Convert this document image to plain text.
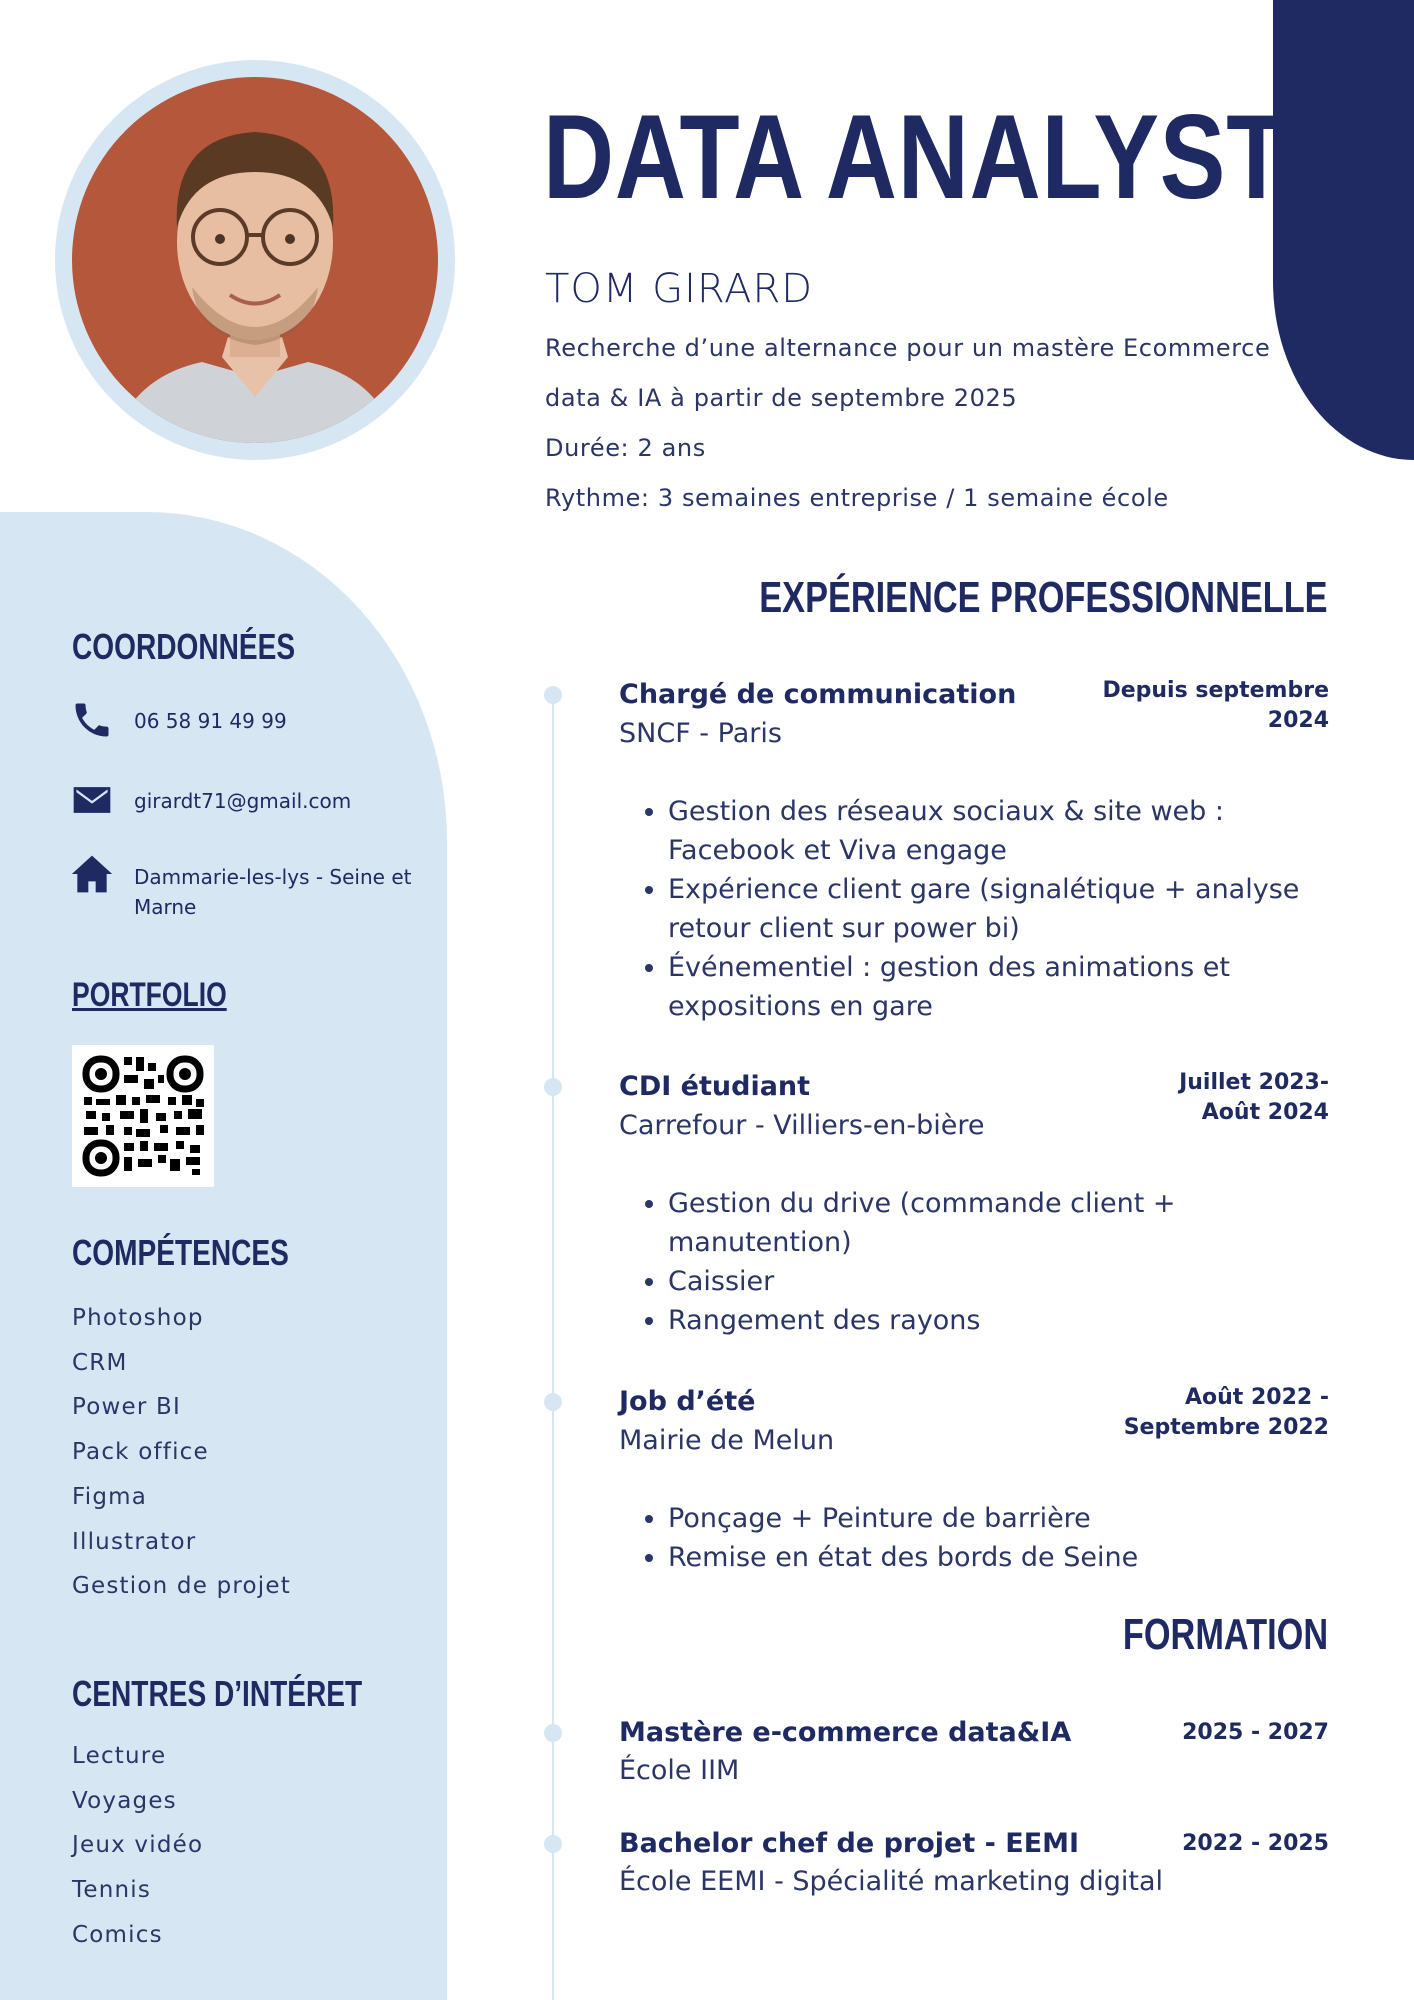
DATA ANALYST
TOM GIRARD
Recherche d’une alternance pour un mastère Ecommerce
data & IA à partir de septembre 2025
Durée: 2 ans
Rythme: 3 semaines entreprise / 1 semaine école
COORDONNÉES
06 58 91 49 99
girardt71@gmail.com
Dammarie-les-lys - Seine et
Marne
PORTFOLIO
COMPÉTENCES
Photoshop
CRM
Power BI
Pack office
Figma
Illustrator
Gestion de projet
CENTRES D’INTÉRET
Lecture
Voyages
Jeux vidéo
Tennis
Comics
EXPÉRIENCE PROFESSIONNELLE
Chargé de communication
SNCF - Paris
Depuis septembre
2024
• Gestion des réseaux sociaux & site web : Facebook et Viva engage
• Expérience client gare (signalétique + analyse retour client sur power bi)
• Événementiel : gestion des animations et expositions en gare
CDI étudiant
Carrefour - Villiers-en-bière
Juillet 2023-
Août 2024
• Gestion du drive (commande client + manutention)
• Caissier
• Rangement des rayons
Job d’été
Mairie de Melun
Août 2022 -
Septembre 2022
• Ponçage + Peinture de barrière
• Remise en état des bords de Seine
FORMATION
Mastère e-commerce data&IA
École IIM
2025 - 2027
Bachelor chef de projet - EEMI
École EEMI - Spécialité marketing digital
2022 - 2025
